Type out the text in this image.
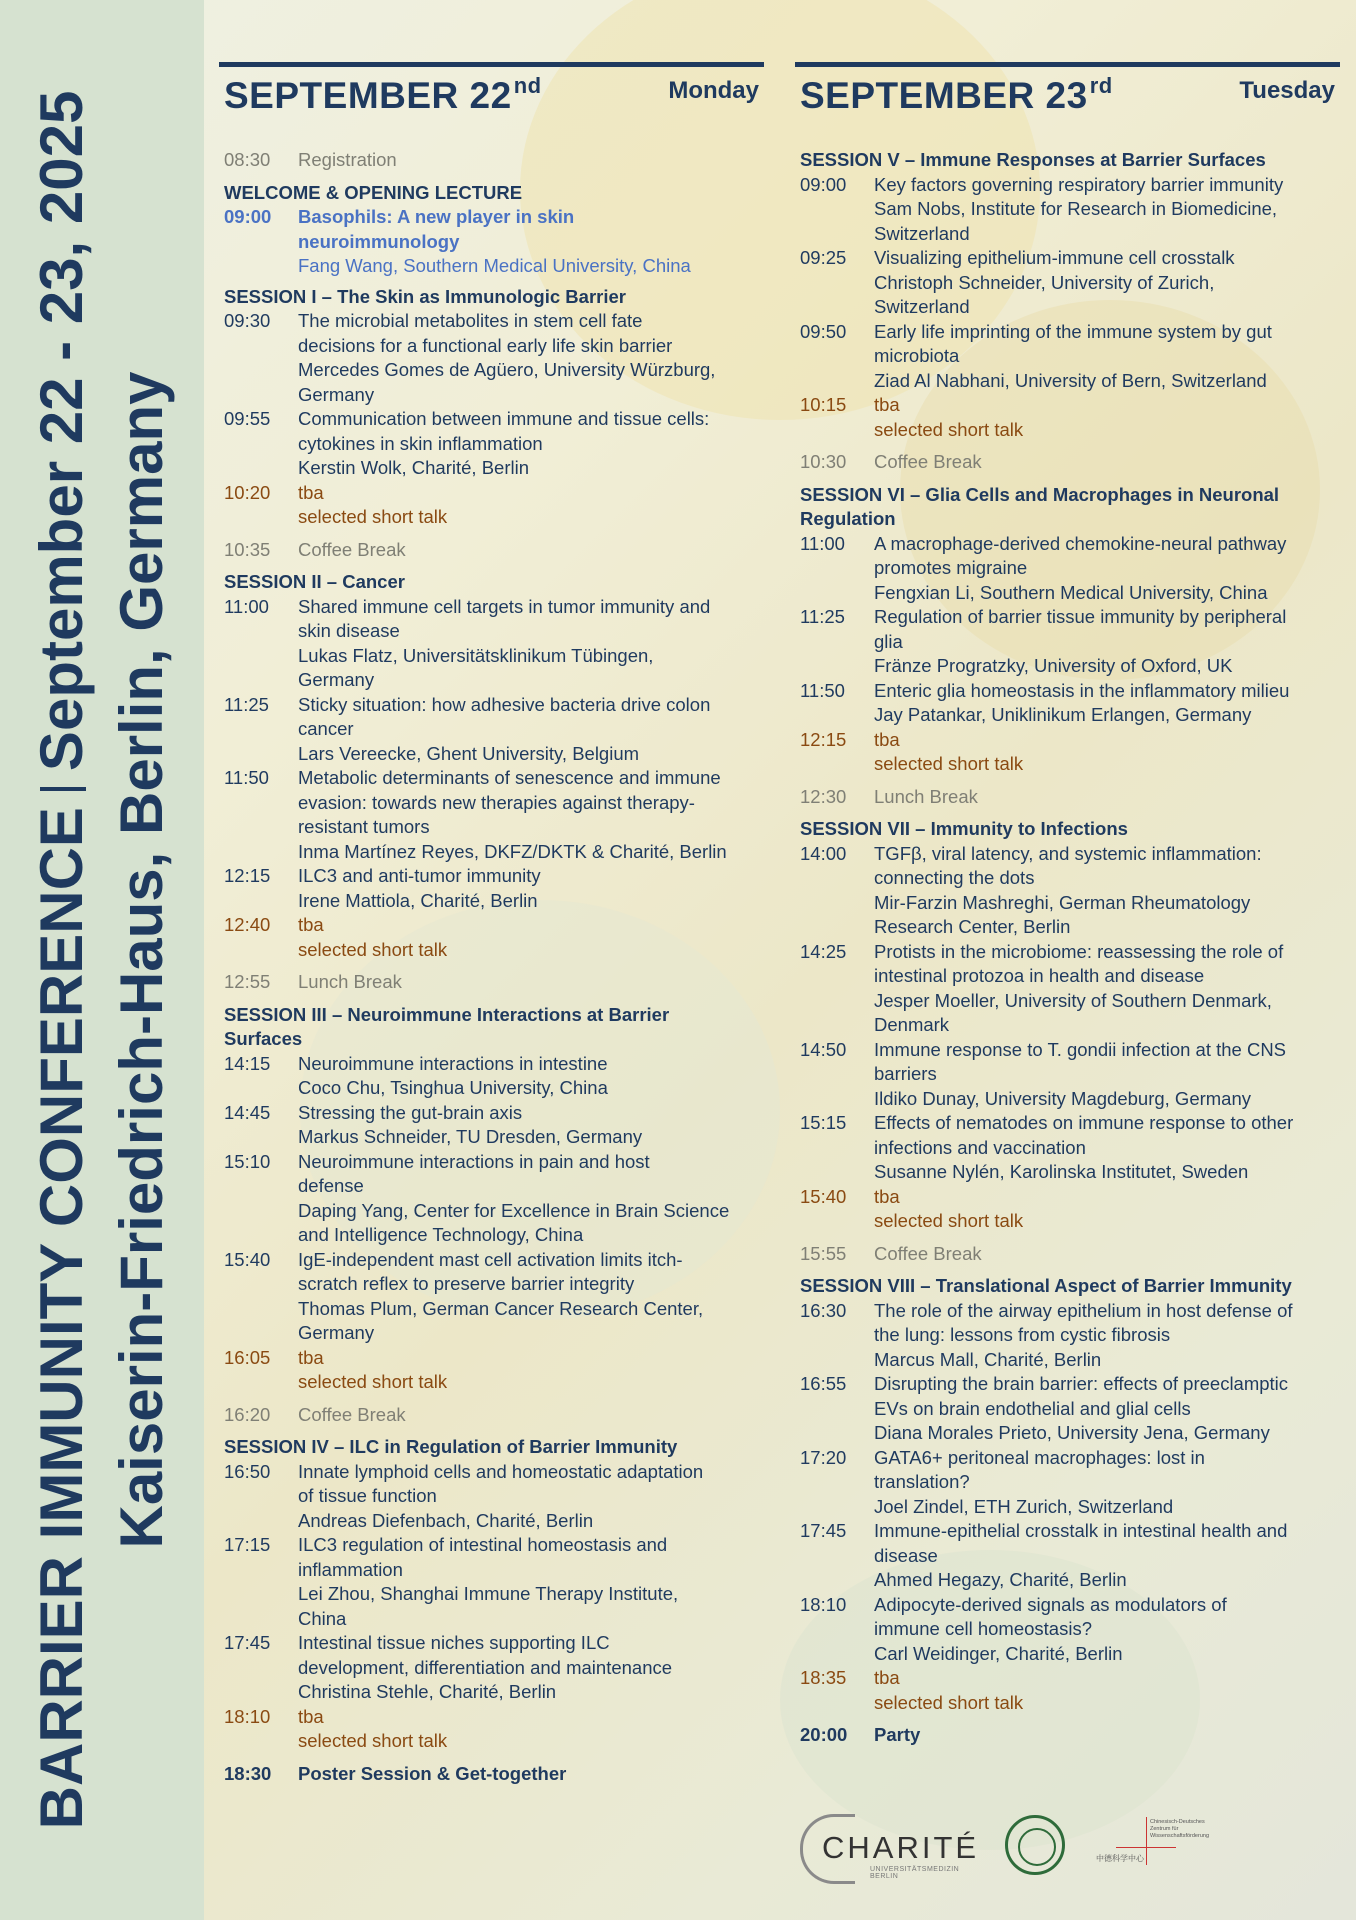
BARRIER IMMUNITY CONFERENCESeptember 22 - 23, 2025 Kaiserin-Friedrich-Haus, Berlin, Germany
SEPTEMBER 22nd	Monday
08:30	Registration
WELCOME & OPENING LECTURE
09:00	Basophils: A new player in skin
neuroimmunology
Fang Wang, Southern Medical University, China
SESSION I – The Skin as Immunologic Barrier
09:30	The microbial metabolites in stem cell fate
decisions for a functional early life skin barrier
Mercedes Gomes de Agüero, University Würzburg,
Germany
09:55	Communication between immune and tissue cells:
cytokines in skin inflammation
Kerstin Wolk, Charité, Berlin
10:20	tba
selected short talk
10:35	Coffee Break
SESSION II – Cancer
11:00	Shared immune cell targets in tumor immunity and
skin disease
Lukas Flatz, Universitätsklinikum Tübingen,
Germany
11:25	Sticky situation: how adhesive bacteria drive colon
cancer
Lars Vereecke, Ghent University, Belgium
11:50	Metabolic determinants of senescence and immune
evasion: towards new therapies against therapy-
resistant tumors
Inma Martínez Reyes, DKFZ/DKTK & Charité, Berlin
12:15	ILC3 and anti-tumor immunity
Irene Mattiola, Charité, Berlin
12:40	tba
selected short talk
12:55	Lunch Break
SESSION III – Neuroimmune Interactions at Barrier
Surfaces
14:15	Neuroimmune interactions in intestine
Coco Chu, Tsinghua University, China
14:45	Stressing the gut-brain axis
Markus Schneider, TU Dresden, Germany
15:10	Neuroimmune interactions in pain and host
defense
Daping Yang, Center for Excellence in Brain Science
and Intelligence Technology, China
15:40	IgE-independent mast cell activation limits itch-
scratch reflex to preserve barrier integrity
Thomas Plum, German Cancer Research Center,
Germany
16:05	tba
selected short talk
16:20	Coffee Break
SESSION IV – ILC in Regulation of Barrier Immunity
16:50	Innate lymphoid cells and homeostatic adaptation
of tissue function
Andreas Diefenbach, Charité, Berlin
17:15	ILC3 regulation of intestinal homeostasis and
inflammation
Lei Zhou, Shanghai Immune Therapy Institute,
China
17:45	Intestinal tissue niches supporting ILC
development, differentiation and maintenance
Christina Stehle, Charité, Berlin
18:10	tba
selected short talk
18:30	Poster Session & Get-together
SEPTEMBER 23rd	Tuesday
SESSION V – Immune Responses at Barrier Surfaces
09:00	Key factors governing respiratory barrier immunity
Sam Nobs, Institute for Research in Biomedicine,
Switzerland
09:25	Visualizing epithelium-immune cell crosstalk
Christoph Schneider, University of Zurich,
Switzerland
09:50	Early life imprinting of the immune system by gut
microbiota
Ziad Al Nabhani, University of Bern, Switzerland
10:15	tba
selected short talk
10:30	Coffee Break
SESSION VI – Glia Cells and Macrophages in Neuronal
Regulation
11:00	A macrophage-derived chemokine-neural pathway
promotes migraine
Fengxian Li, Southern Medical University, China
11:25	Regulation of barrier tissue immunity by peripheral
glia
Fränze Progratzky, University of Oxford, UK
11:50	Enteric glia homeostasis in the inflammatory milieu
Jay Patankar, Uniklinikum Erlangen, Germany
12:15	tba
selected short talk
12:30	Lunch Break
SESSION VII – Immunity to Infections
14:00	TGFβ, viral latency, and systemic inflammation:
connecting the dots
Mir-Farzin Mashreghi, German Rheumatology
Research Center, Berlin
14:25	Protists in the microbiome: reassessing the role of
intestinal protozoa in health and disease
Jesper Moeller, University of Southern Denmark,
Denmark
14:50	Immune response to T. gondii infection at the CNS
barriers
Ildiko Dunay, University Magdeburg, Germany
15:15	Effects of nematodes on immune response to other
infections and vaccination
Susanne Nylén, Karolinska Institutet, Sweden
15:40	tba
selected short talk
15:55	Coffee Break
SESSION VIII – Translational Aspect of Barrier Immunity
16:30	The role of the airway epithelium in host defense of
the lung: lessons from cystic fibrosis
Marcus Mall, Charité, Berlin
16:55	Disrupting the brain barrier: effects of preeclamptic
EVs on brain endothelial and glial cells
Diana Morales Prieto, University Jena, Germany
17:20	GATA6+ peritoneal macrophages: lost in
translation?
Joel Zindel, ETH Zurich, Switzerland
17:45	Immune-epithelial crosstalk in intestinal health and
disease
Ahmed Hegazy, Charité, Berlin
18:10	Adipocyte-derived signals as modulators of
immune cell homeostasis?
Carl Weidinger, Charité, Berlin
18:35	tba
selected short talk
20:00	Party
CHARITÉ
UNIVERSITÄTSMEDIZIN BERLIN
Chinesisch-Deutsches Zentrum für Wissenschaftsförderung
中德科学中心
